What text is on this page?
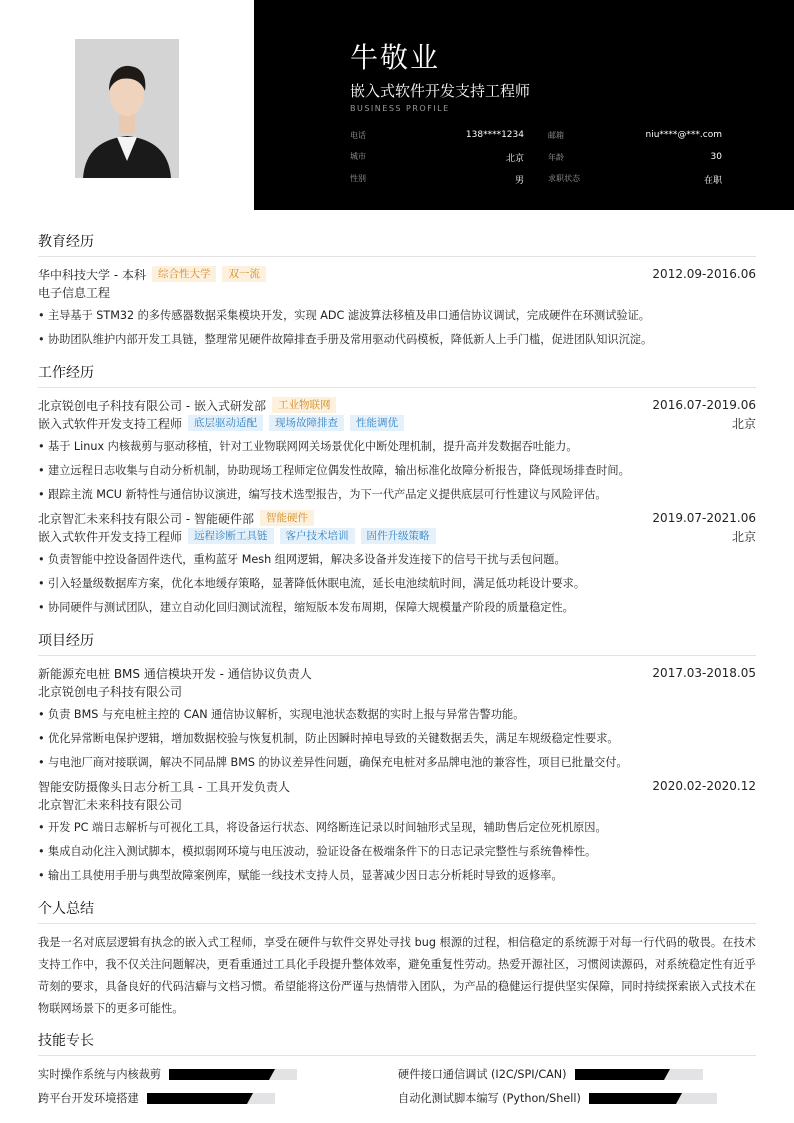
牛敬业
嵌入式软件开发支持工程师
BUSINESS PROFILE
电话	138****1234	邮箱	niu****@***.com
城市	北京	年龄	30
性别	男	求职状态	在职
教育经历
华中科技大学 - 本科	综合性大学	双一流	2012.09-2016.06
电子信息工程
• 主导基于 STM32 的多传感器数据采集模块开发，实现 ADC 滤波算法移植及串口通信协议调试，完成硬件在环测试验证。
• 协助团队维护内部开发工具链，整理常见硬件故障排查手册及常用驱动代码模板，降低新人上手门槛，促进团队知识沉淀。
工作经历
北京锐创电子科技有限公司 - 嵌入式研发部	工业物联网	2016.07-2019.06
嵌入式软件开发支持工程师	底层驱动适配	现场故障排查	性能调优	北京
• 基于 Linux 内核裁剪与驱动移植，针对工业物联网网关场景优化中断处理机制，提升高并发数据吞吐能力。
• 建立远程日志收集与自动分析机制，协助现场工程师定位偶发性故障，输出标准化故障分析报告，降低现场排查时间。
• 跟踪主流 MCU 新特性与通信协议演进，编写技术选型报告，为下一代产品定义提供底层可行性建议与风险评估。
北京智汇未来科技有限公司 - 智能硬件部	智能硬件	2019.07-2021.06
嵌入式软件开发支持工程师	远程诊断工具链	客户技术培训	固件升级策略	北京
• 负责智能中控设备固件迭代，重构蓝牙 Mesh 组网逻辑，解决多设备并发连接下的信号干扰与丢包问题。
• 引入轻量级数据库方案，优化本地缓存策略，显著降低休眠电流，延长电池续航时间，满足低功耗设计要求。
• 协同硬件与测试团队，建立自动化回归测试流程，缩短版本发布周期，保障大规模量产阶段的质量稳定性。
项目经历
新能源充电桩 BMS 通信模块开发 - 通信协议负责人	2017.03-2018.05
北京锐创电子科技有限公司
• 负责 BMS 与充电桩主控的 CAN 通信协议解析，实现电池状态数据的实时上报与异常告警功能。
• 优化异常断电保护逻辑，增加数据校验与恢复机制，防止因瞬时掉电导致的关键数据丢失，满足车规级稳定性要求。
• 与电池厂商对接联调，解决不同品牌 BMS 的协议差异性问题，确保充电桩对多品牌电池的兼容性，项目已批量交付。
智能安防摄像头日志分析工具 - 工具开发负责人	2020.02-2020.12
北京智汇未来科技有限公司
• 开发 PC 端日志解析与可视化工具，将设备运行状态、网络断连记录以时间轴形式呈现，辅助售后定位死机原因。
• 集成自动化注入测试脚本，模拟弱网环境与电压波动，验证设备在极端条件下的日志记录完整性与系统鲁棒性。
• 输出工具使用手册与典型故障案例库，赋能一线技术支持人员，显著减少因日志分析耗时导致的返修率。
个人总结

我是一名对底层逻辑有执念的嵌入式工程师，享受在硬件与软件交界处寻找 bug 根源的过程，相信稳定的系统源于对每一行代码的敬畏。在技术支持工作中，我不仅关注问题解决，更看重通过工具化手段提升整体效率，避免重复性劳动。热爱开源社区，习惯阅读源码，对系统稳定性有近乎苛刻的要求，具备良好的代码洁癖与文档习惯。希望能将这份严谨与热情带入团队，为产品的稳健运行提供坚实保障，同时持续探索嵌入式技术在物联网场景下的更多可能性。

技能专长
实时操作系统与内核裁剪	硬件接口通信调试 (I2C/SPI/CAN)
跨平台开发环境搭建	自动化测试脚本编写 (Python/Shell)
